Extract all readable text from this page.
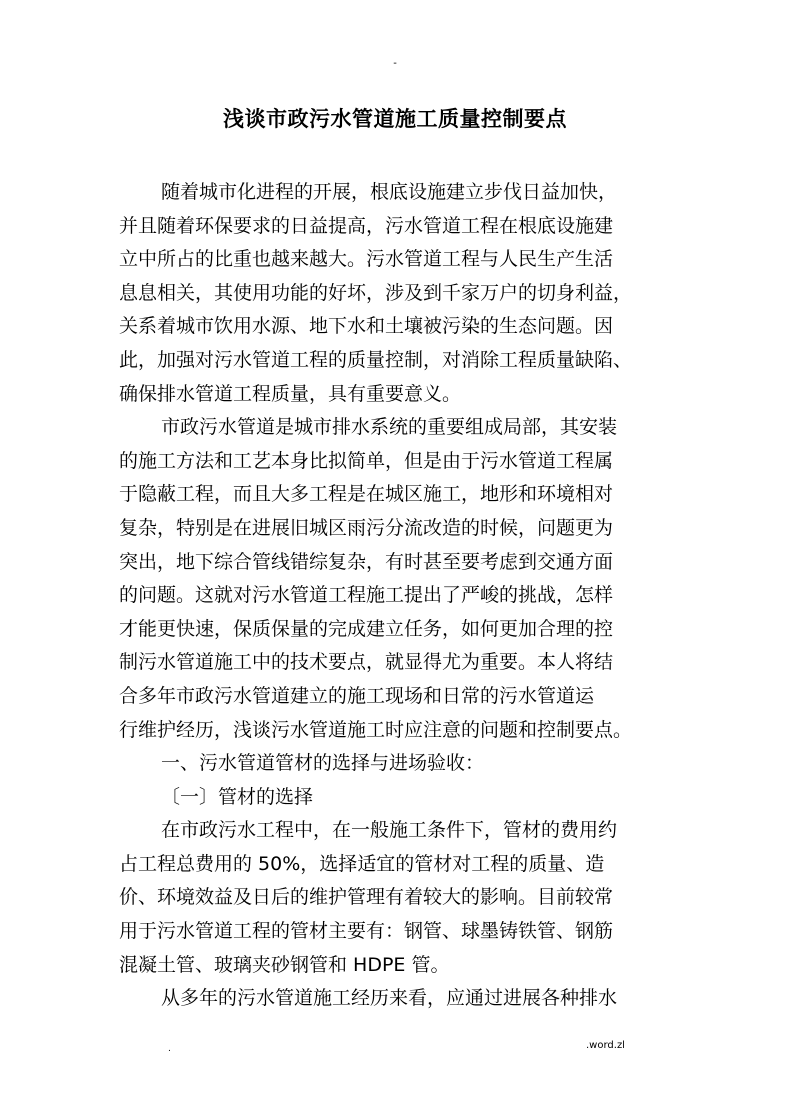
-
浅谈市政污水管道施工质量控制要点
随着城市化进程的开展，根底设施建立步伐日益加快，
并且随着环保要求的日益提高，污水管道工程在根底设施建
立中所占的比重也越来越大。污水管道工程与人民生产生活
息息相关，其使用功能的好坏，涉及到千家万户的切身利益，
关系着城市饮用水源、地下水和土壤被污染的生态问题。因
此，加强对污水管道工程的质量控制，对消除工程质量缺陷、
确保排水管道工程质量，具有重要意义。
市政污水管道是城市排水系统的重要组成局部，其安装
的施工方法和工艺本身比拟简单，但是由于污水管道工程属
于隐蔽工程，而且大多工程是在城区施工，地形和环境相对
复杂，特别是在进展旧城区雨污分流改造的时候，问题更为
突出，地下综合管线错综复杂，有时甚至要考虑到交通方面
的问题。这就对污水管道工程施工提出了严峻的挑战，怎样
才能更快速，保质保量的完成建立任务，如何更加合理的控
制污水管道施工中的技术要点，就显得尤为重要。本人将结
合多年市政污水管道建立的施工现场和日常的污水管道运
行维护经历，浅谈污水管道施工时应注意的问题和控制要点。
一、污水管道管材的选择与进场验收：
〔一〕管材的选择
在市政污水工程中，在一般施工条件下，管材的费用约
占工程总费用的 50%，选择适宜的管材对工程的质量、造
价、环境效益及日后的维护管理有着较大的影响。目前较常
用于污水管道工程的管材主要有：钢管、球墨铸铁管、钢筋
混凝土管、玻璃夹砂钢管和 HDPE 管。
从多年的污水管道施工经历来看，应通过进展各种排水
.	.word.zl
